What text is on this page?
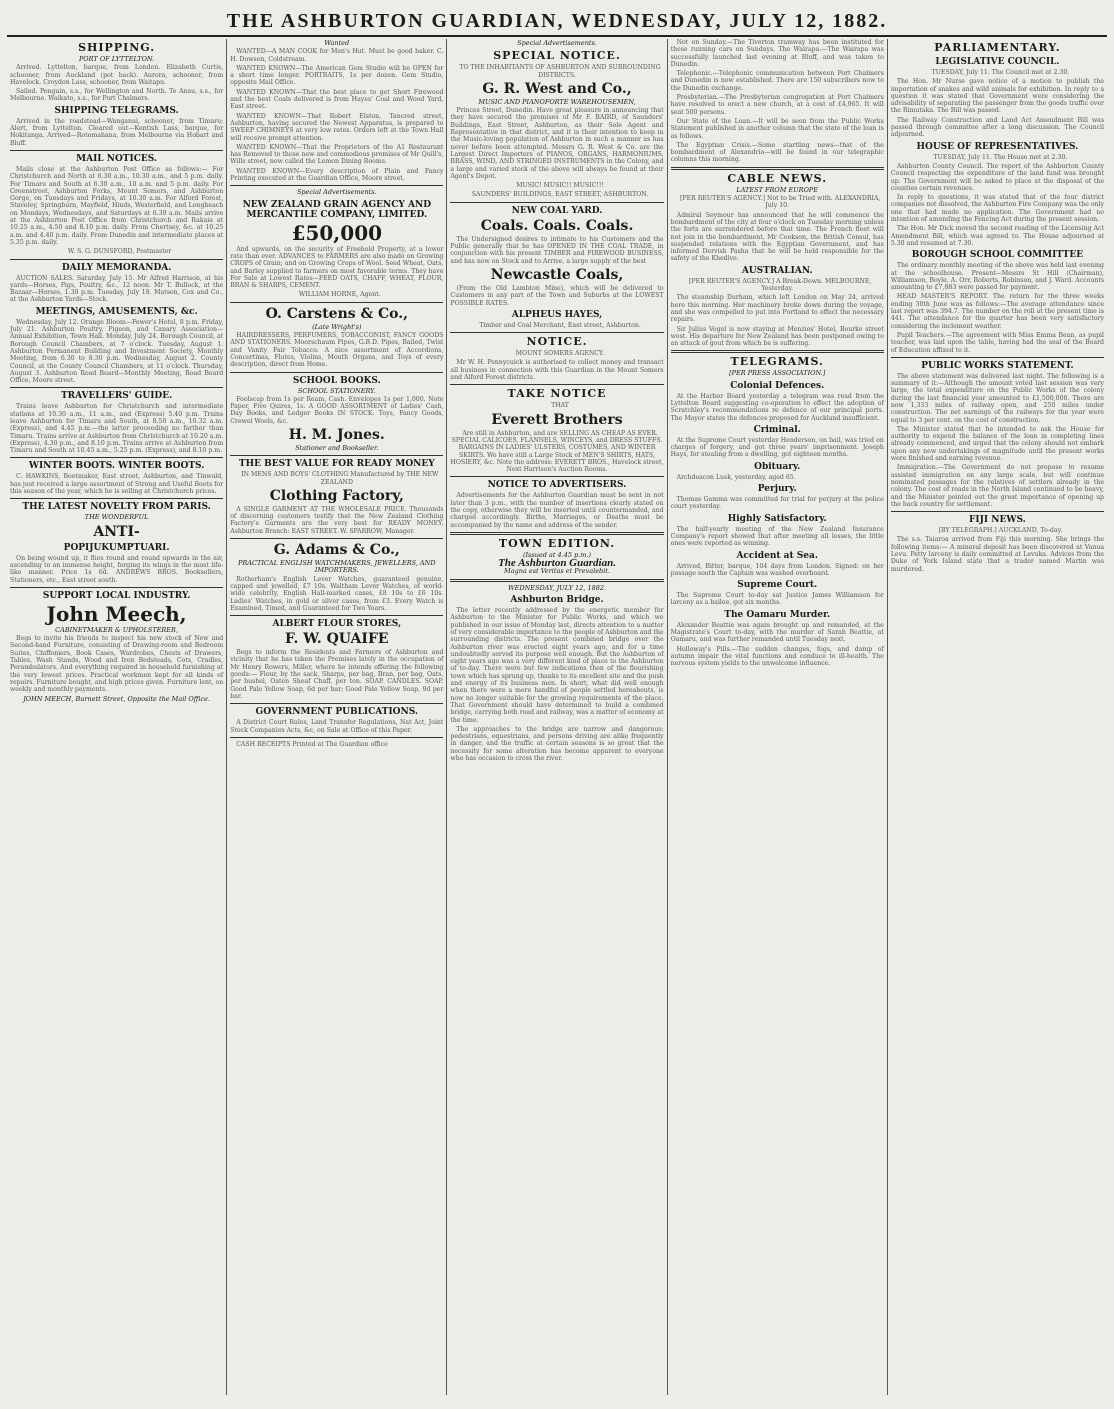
THE ASHBURTON GUARDIAN, WEDNESDAY, JULY 12, 1882.
SHIPPING.
PORT OF LYTTELTON.

Arrived. Lyttelton, barque, from London. Elizabeth Curtis, schooner, from Auckland (pot back). Aurora, schooner, from Havelock. Croydon Lass, schooner, from Waitapu.

Sailed. Penguin, s.s., for Wellington and North. Te Anau, s.s., for Melbourne. Waikato, s.s., for Port Chalmers.

SHIPPING TELEGRAMS.

Arrived in the roadstead—Wanganui, schooner, from Timaru; Alert, from Lyttelton. Cleared out—Kentish Lass, barque, for Hokitanga. Arrived—Rotomahana, from Melbourne via Hobart and Bluff.

MAIL NOTICES.

Mails close at the Ashburton Post Office as follows:— For Christchurch and North at 6.30 a.m., 10.30 a.m., and 5 p.m. daily. For Timaru and South at 6.30 a.m., 10 a.m. and 5 p.m. daily. For Greenstreet, Ashburton Forks, Mount Somers, and Ashburton Gorge, on Tuesdays and Fridays, at 10.30 a.m. For Alford Forest, Staveley, Springburn, Mayfield, Hinds, Westerfield, and Longbeach on Mondays, Wednesdays, and Saturdays at 6.30 a.m. Mails arrive at the Ashburton Post Office from Christchurch and Rakaia at 10.25 a.m., 4.50 and 8.10 p.m. daily. From Chertsey, &c. at 10.25 a.m. and 4.40 p.m. daily. From Dunedin and intermediate places at 5.35 p.m. daily.

W. S. G. DUNSFORD, Postmaster

DAILY MEMORANDA.

AUCTION SALES. Saturday, July 15. Mr Alfred Harrison, at his yards—Horses, Pigs, Poultry, &c., 12 noon. Mr T. Bullock, at the Bazaar—Horses, 1.30 p.m. Tuesday, July 18. Matson, Cox and Co., at the Ashburton Yards—Stock.

MEETINGS, AMUSEMENTS, &c.

Wednesday, July 12. Orange Bloom—Fewer's Hotel, 8 p.m. Friday, July 21. Ashburton Poultry, Pigeon, and Canary Association—Annual Exhibition, Town Hall. Monday, July 24. Borough Council, at Borough Council Chambers, at 7 o'clock. Tuesday, August 1. Ashburton Permanent Building and Investment Society, Monthly Meeting, from 6.30 to 8.30 p.m. Wednesday, August 2. County Council, at the County Council Chambers, at 11 o'clock. Thursday, August 3. Ashburton Road Board—Monthly Meeting, Road Board Office, Moore street.

TRAVELLERS' GUIDE.

Trains leave Ashburton for Christchurch and intermediate stations at 10.30 a.m., 11 a.m., and (Express) 5.40 p.m. Trains leave Ashburton for Timaru and South, at 8.50 a.m., 10.32 a.m. (Express), and 4.45 p.m.—the latter proceeding no farther than Timaru. Trains arrive at Ashburton from Christchurch at 10.20 a.m. (Express), 4.30 p.m., and 8.10 p.m. Trains arrive at Ashburton from Timaru and South at 10.45 a.m., 5.25 p.m. (Express), and 8.10 p.m.

WINTER BOOTS. WINTER BOOTS.

C. HAWKINS, Bootmaker, East street, Ashburton, and Tinwald, has just received a large assortment of Strong and Useful Boots for this season of the year, which he is selling at Christchurch prices.

THE LATEST NOVELTY FROM PARIS.
THE WONDERFUL
ANTI-
POPIJUKUMPTUARI.

On being wound up, it flies round and round upwards in the air, ascending to an immense height, forging its wings in the most life-like manner. Price 1s 6d. ANDREWS BROS. Booksellers, Stationers, etc., East street south.

SUPPORT LOCAL INDUSTRY.
John Meech,
CABINETMAKER & UPHOLSTERER,

Begs to invite his friends to inspect his new stock of New and Second-hand Furniture, consisting of Drawing-room and Bedroom Suites, Chiffoniers, Book Cases, Wardrobes, Chests of Drawers, Tables, Wash Stands, Wood and Iron Bedsteads, Cots, Cradles, Perambulators. And everything required in household furnishing at the very lowest prices. Practical workmen kept for all kinds of repairs. Furniture bought, and high prices given. Furniture lent, on weekly and monthly payments.

JOHN MEECH, Burnett Street, Opposite the Mail Office.
Wanted

WANTED—A MAN COOK for Men's Hut. Must be good baker. C. H. Dowson, Coldstream.

WANTED KNOWN—The American Gem Studio will be OPEN for a short time longer. PORTRAITS, 1s per dozen. Gem Studio, opposite Mail Office.

WANTED KNOWN—That the best place to get Short Firewood and the best Coals delivered is from Hayes' Coal and Wood Yard, East street.

WANTED KNOWN—That Robert Elston, Tancred street, Ashburton, having secured the Newest Apparatus, is prepared to SWEEP CHIMNEYS at very low rates. Orders left at the Town Hall will receive prompt attention.

WANTED KNOWN—That the Proprietors of the A1 Restaurant has Removed to those new and commodious premises of Mr Quill's, Wills street, now called the Lemon Dining Rooms.

WANTED KNOWN—Every description of Plain and Fancy Printing executed at the Guardian Office, Moore street.

Special Advertisements.
NEW ZEALAND GRAIN AGENCY AND MERCANTILE COMPANY, LIMITED.
£50,000

And upwards, on the security of Freehold Property, at a lower rate than ever. ADVANCES to FARMERS are also made on Growing CROPS of Grain; and on Growing Crops of Wool. Seed Wheat, Oats, and Barley supplied to farmers on most favorable terms. They have For Sale at Lowest Rates—FEED OATS, CHAFF, WHEAT, FLOUR, BRAN & SHARPS, CEMENT.

WILLIAM HORNE, Agent.

O. Carstens & Co.,
(Late Wright's)

HAIRDRESSERS, PERFUMERS, TOBACCONIST, FANCY GOODS AND STATIONERS. Moorschaum Pipes, G.B.D. Pipes, Bailed, Twist and Vanity Fair Tobacco. A nice assortment of Accordions, Concertinas, Flutes, Violins, Mouth Organs, and Toys of every description, direct from Home.

SCHOOL BOOKS.
SCHOOL STATIONERY.

Foolscap from 1s per Ream, Cash. Envelopes 1s per 1,000. Note Paper, Five Quires, 1s. A GOOD ASSORTMENT of Ladies' Cash, Day Books, and Ledger Books IN STOCK. Toys, Fancy Goods, Crewel Wools, &c.

H. M. Jones.
Stationer and Bookseller.
THE BEST VALUE FOR READY MONEY

IN MENS AND BOYS' CLOTHING Manufactured by THE NEW ZEALAND

Clothing Factory,

A SINGLE GARMENT AT THE WHOLESALE PRICE. Thousands of discerning customers testify that the New Zealand Clothing Factory's Garments are the very best for READY MONEY. Ashburton Branch: EAST STREET. W. SPARROW, Manager.

G. Adams & Co.,
PRACTICAL ENGLISH WATCHMAKERS, JEWELLERS, AND IMPORTERS.

Rotherham's English Lever Watches, guaranteed genuine, capped and jewelled, £7 10s. Waltham Lever Watches, of world-wide celebrity, English Hall-marked cases, £8 10s to £6 10s. Ladies' Watches, in gold or silver cases, from £3. Every Watch is Examined, Timed, and Guaranteed for Two Years.

ALBERT FLOUR STORES,
F. W. QUAIFE

Begs to inform the Residents and Farmers of Ashburton and vicinity that he has taken the Premises lately in the occupation of Mr Henry Rowers, Miller, where he intends offering the following goods:— Flour, by the sack, Sharps, per bag, Bran, per bag, Oats, per bushel, Oaten Sheaf Chaff, per ton. SOAP. CANDLES. SOAP. Good Pale Yellow Soap, 6d per bar; Good Pale Yellow Soap, 9d per bar.

GOVERNMENT PUBLICATIONS.

A District Court Rules, Land Transfer Regulations, Nat Act, Joint Stock Companies Acts, &c, on Sale at Office of this Paper.

CASH RECEIPTS Printed at The Guardian office

Special Advertisements.
SPECIAL NOTICE.

TO THE INHABITANTS OF ASHBURTON AND SURROUNDING DISTRICTS.

G. R. West and Co.,
MUSIC AND PIANOFORTE WAREHOUSEMEN,

Princes Street, Dunedin. Have great pleasure in announcing that they have secured the premises of Mr F. BAIRD, of Saunders' Buildings, East Street, Ashburton, as their Sole Agent and Representative in that district, and it is their intention to keep in the Music-loving population of Ashburton in such a manner as has never before been attempted. Messrs G. R. West & Co. are the Largest Direct Importers of PIANOS, ORGANS, HARMONIUMS, BRASS, WIND, AND STRINGED INSTRUMENTS in the Colony, and a large and varied stock of the above will always be found at their Agent's Depot.

MUSIC! MUSIC!! MUSIC!!!

SAUNDERS' BUILDINGS, EAST STREET, ASHBURTON.

NEW COAL YARD.
Coals. Coals. Coals.

The Undersigned desires to intimate to his Customers and the Public generally that he has OPENED IN THE COAL TRADE, in conjunction with his present TIMBER and FIREWOOD BUSINESS, and has now on Stock and to Arrive, a large supply of the best

Newcastle Coals,

(From the Old Lambton Mine), which will be delivered to Customers in any part of the Town and Suburbs at the LOWEST POSSIBLE RATES.

ALPHEUS HAYES,

Timber and Coal Merchant, East street, Ashburton.

NOTICE.

MOUNT SOMERS AGENCY.

Mr W. H. Pennycuick is authorised to collect money and transact all business in connection with this Guardian in the Mount Somers and Alford Forest districts.

TAKE NOTICE

THAT

Everett Brothers

Are still in Ashburton, and are SELLING AS CHEAP AS EVER. SPECIAL CALICOES, FLANNELS, WINCEYS, and DRESS STUFFS. BARGAINS IN LADIES' ULSTERS, COSTUMES, AND WINTER SKIRTS. We have still a Large Stock of MEN'S SHIRTS, HATS, HOSIERY, &c. Note the address: EVERETT BROS., Havelock street, Next Harrison's Auction Rooms.

NOTICE TO ADVERTISERS.

Advertisements for the Ashburton Guardian must be sent in not later than 3 p.m., with the number of insertions clearly stated on the copy, otherwise they will be inserted until countermanded, and charged accordingly. Births, Marriages, or Deaths must be accompanied by the name and address of the sender.

TOWN EDITION.
(Issued at 4.45 p.m.)
The Ashburton Guardian.
Magna est Veritas et Prevalebit.
WEDNESDAY, JULY 12, 1882.
Ashburton Bridge.

The letter recently addressed by the energetic member for Ashburton to the Minister for Public Works, and which we published in our issue of Monday last, directs attention to a matter of very considerable importance to the people of Ashburton and the surrounding districts. The present combined bridge over the Ashburton river was erected eight years ago, and for a time undoubtedly served its purpose well enough. But the Ashburton of eight years ago was a very different kind of place to the Ashburton of to-day. There were but few indications then of the flourishing town which has sprung up, thanks to its excellent site and the push and energy of its business men. In short, what did well enough when there were a mere handful of people settled hereabouts, is now no longer suitable for the growing requirements of the place. That Government should have determined to build a combined bridge, carrying both road and railway, was a matter of economy at the time.

The approaches to the bridge are narrow and dangerous; pedestrians, equestrians, and persons driving are alike frequently in danger, and the traffic at certain seasons is so great that the necessity for some alteration has become apparent to everyone who has occasion to cross the river.

Not on Sunday.—The Tiverton tramway has been instituted for these running cars on Sundays. The Wairapa.—The Wairapa was successfully launched last evening at Bluff, and was taken to Dunedin.

Telephonic.—Telephonic communication between Port Chalmers and Dunedin is now established. There are 150 subscribers now to the Dunedin exchange.

Presbyterian.—The Presbyterian congregation at Port Chalmers have resolved to erect a new church, at a cost of £4,965. It will seat 500 persons.

Our State of the Loan.—It will be seen from the Public Works Statement published in another column that the state of the loan is as follows.

The Egyptian Crisis.—Some startling news—that of the bombardment of Alexandria—will be found in our telegraphic columns this morning.

CABLE NEWS.
LATEST FROM EUROPE

[PER REUTER'S AGENCY.] Not to be Tried with. ALEXANDRIA, July 10.

Admiral Seymour has announced that he will commence the bombardment of the city at four o'clock on Tuesday morning unless the forts are surrendered before that time. The French fleet will not join in the bombardment. Mr Cookson, the British Consul, has suspended relations with the Egyptian Government, and has informed Dervish Pasha that he will be held responsible for the safety of the Khedive.

AUSTRALIAN.

[PER REUTER'S AGENCY.] A Break-Down. MELBOURNE, Yesterday.

The steamship Durham, which left London on May 24, arrived here this morning. Her machinery broke down during the voyage, and she was compelled to put into Portland to effect the necessary repairs.

Sir Julius Vogel is now staying at Menzies' Hotel, Bourke street west. His departure for New Zealand has been postponed owing to an attack of gout from which he is suffering.

TELEGRAMS.
[PER PRESS ASSOCIATION.]
Colonial Defences.

At the Harbor Board yesterday a telegram was read from the Lyttelton Board suggesting co-operation to effect the adoption of Scratchley's recommendations re defence of our principal ports. The Mayor states the defences proposed for Auckland insufficient.

Criminal.

At the Supreme Court yesterday Henderson, on bail, was tried on charges of forgery, and got three years' imprisonment. Joseph Hays, for stealing from a dwelling, got eighteen months.

Obituary.

Archdeacon Lusk, yesterday, aged 65.

Perjury.

Thomas Gamma was committed for trial for perjury at the police court yesterday.

Highly Satisfactory.

The half-yearly meeting of the New Zealand Insurance Company's report showed that after meeting all losses, the little ones were reported as winning.

Accident at Sea.

Arrived, Bitter, barque, 104 days from London. Signed: on her passage south the Captain was washed overboard.

Supreme Court.

The Supreme Court to-day sat Justice James Williamson for larceny as a bailee, got six months.

The Oamaru Murder.

Alexander Beattie was again brought up and remanded, at the Magistrate's Court to-day, with the murder of Sarah Beattie, at Oamaru, and was further remanded until Tuesday next.

Holloway's Pills.—The sudden changes, fogs, and damp of autumn impair the vital functions and conduce to ill-health. The nervous system yields to the unwelcome influence.

PARLIAMENTARY.
LEGISLATIVE COUNCIL.

TUESDAY, July 11. The Council met at 2.30.

The Hon. Mr Nurse gave notice of a motion to publish the importation of snakes and wild animals for exhibition. In reply to a question it was stated that Government were considering the advisability of separating the passenger from the goods traffic over the Rimutaka. The Bill was passed.

The Railway Construction and Land Act Amendment Bill was passed through committee after a long discussion. The Council adjourned.

HOUSE OF REPRESENTATIVES.

TUESDAY, July 11. The House met at 2.30.

Ashburton County Council. The report of the Ashburton County Council respecting the expenditure of the land fund was brought up. The Government will be asked to place at the disposal of the counties certain revenues.

In reply to questions, it was stated that of the four district companies not dissolved, the Ashburton Fire Company was the only one that had made no application. The Government had no intention of amending the Fencing Act during the present session.

The Hon. Mr Dick moved the second reading of the Licensing Act Amendment Bill, which was agreed to. The House adjourned at 5.30 and resumed at 7.30.

BOROUGH SCHOOL COMMITTEE

The ordinary monthly meeting of the above was held last evening at the schoolhouse. Present—Messrs St Hill (Chairman), Williamson, Boyle, A. Orr, Roberts, Robinson, and J. Ward. Accounts amounting to £7,883 were passed for payment.

HEAD MASTER'S REPORT. The return for the three weeks ending 30th June was as follows:—The average attendance since last report was 394.7. The number on the roll at the present time is 441. The attendance for the quarter has been very satisfactory considering the inclement weather.

Pupil Teachers.—The agreement with Miss Emma Bean, as pupil teacher, was laid upon the table, having had the seal of the Board of Education affixed to it.

PUBLIC WORKS STATEMENT.

The above statement was delivered last night. The following is a summary of it:—Although the amount voted last session was very large, the total expenditure on the Public Works of the colony during the last financial year amounted to £1,500,000. There are now 1,333 miles of railway open, and 250 miles under construction. The net earnings of the railways for the year were equal to 3 per cent. on the cost of construction.

The Minister stated that he intended to ask the House for authority to expend the balance of the loan in completing lines already commenced, and urged that the colony should not embark upon any new undertakings of magnitude until the present works were finished and earning revenue.

Immigration.—The Government do not propose to resume assisted immigration on any large scale, but will continue nominated passages for the relatives of settlers already in the colony. The cost of roads in the North Island continued to be heavy, and the Minister pointed out the great importance of opening up the back country for settlement.

FIJI NEWS.

[BY TELEGRAPH.] AUCKLAND, To-day.

The s.s. Taiaroa arrived from Fiji this morning. She brings the following items:— A mineral deposit has been discovered at Vanua Levu. Petty larceny is daily committed at Levuka. Advices from the Duke of York Island state that a trader named Martin was murdered.
